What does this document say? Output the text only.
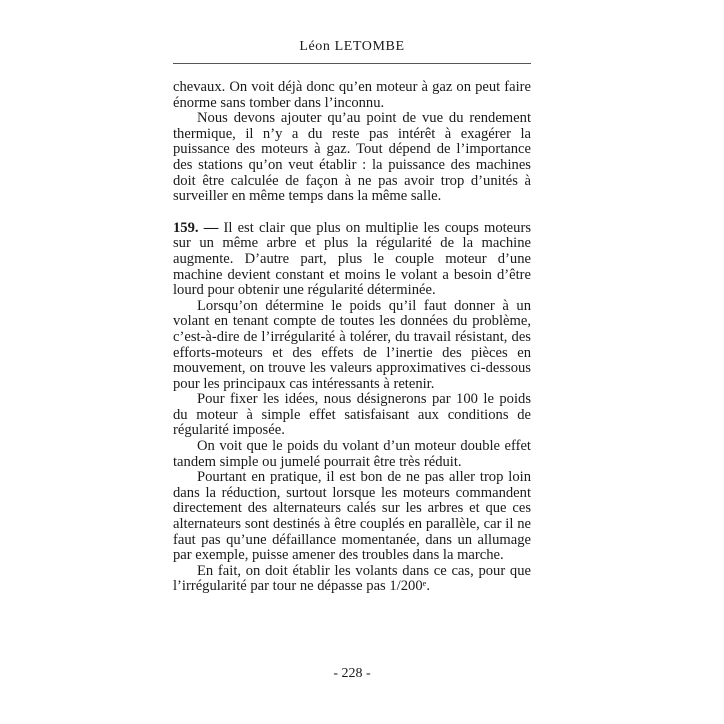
Léon LETOMBE

chevaux. On voit déjà donc qu’en moteur à gaz on peut faire énorme sans tomber dans l’inconnu.

Nous devons ajouter qu’au point de vue du rendement thermique, il n’y a du reste pas intérêt à exagérer la puissance des moteurs à gaz. Tout dépend de l’importance des stations qu’on veut établir : la puissance des machines doit être calculée de façon à ne pas avoir trop d’unités à surveiller en même temps dans la même salle.

159. — Il est clair que plus on multiplie les coups moteurs sur un même arbre et plus la régularité de la machine augmente. D’autre part, plus le couple moteur d’une machine devient constant et moins le volant a besoin d’être lourd pour obtenir une régularité déterminée.

Lorsqu’on détermine le poids qu’il faut donner à un volant en tenant compte de toutes les données du problème, c’est-à-dire de l’irrégularité à tolérer, du travail résistant, des efforts-moteurs et des effets de l’inertie des pièces en mouvement, on trouve les valeurs approximatives ci-dessous pour les principaux cas intéressants à retenir.

Pour fixer les idées, nous désignerons par 100 le poids du moteur à simple effet satisfaisant aux conditions de régularité imposée.

On voit que le poids du volant d’un moteur double effet tandem simple ou jumelé pourrait être très réduit.

Pourtant en pratique, il est bon de ne pas aller trop loin dans la réduction, surtout lorsque les moteurs commandent directement des alternateurs calés sur les arbres et que ces alternateurs sont destinés à être couplés en parallèle, car il ne faut pas qu’une défaillance momentanée, dans un allumage par exemple, puisse amener des troubles dans la marche.

En fait, on doit établir les volants dans ce cas, pour que l’irrégularité par tour ne dépasse pas 1/200ᵉ.

- 228 -
